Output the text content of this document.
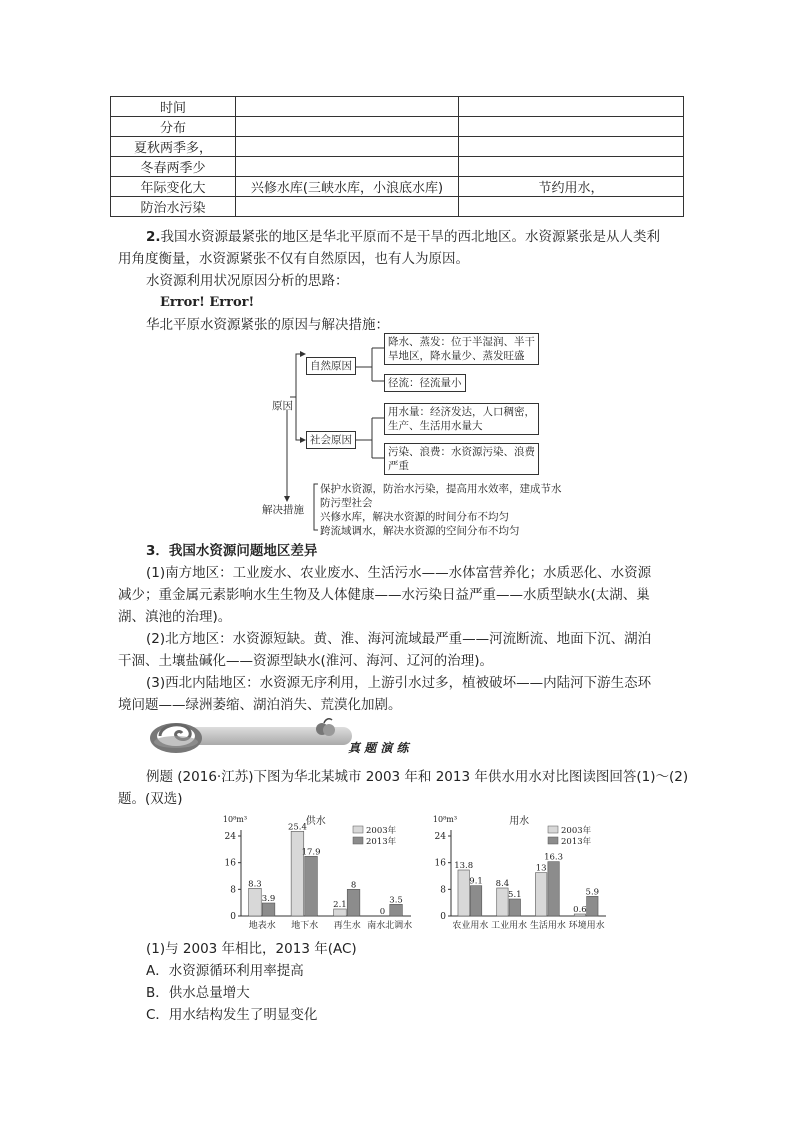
时间		
分布		
夏秋两季多，		
冬春两季少		
年际变化大	兴修水库(三峡水库，小浪底水库)	节约用水，
防治水污染		
2.我国水资源最紧张的地区是华北平原而不是干旱的西北地区。水资源紧张是从人类利
用角度衡量，水资源紧张不仅有自然原因，也有人为原因。
水资源利用状况原因分析的思路：
Error! Error!
华北平原水资源紧张的原因与解决措施：
原因
自然原因
降水、蒸发：位于半湿润、半干
旱地区，降水量少、蒸发旺盛
径流：径流量小
社会原因
用水量：经济发达，人口稠密，
生产、生活用水量大
污染、浪费：水资源污染、浪费
严重
解决措施
保护水资源，防治水污染，提高用水效率，建成节水
防污型社会
兴修水库，解决水资源的时间分布不均匀
跨流域调水，解决水资源的空间分布不均匀
3．我国水资源问题地区差异
(1)南方地区：工业废水、农业废水、生活污水——水体富营养化；水质恶化、水资源
减少；重金属元素影响水生生物及人体健康——水污染日益严重——水质型缺水(太湖、巢
湖、滇池的治理)。
(2)北方地区：水资源短缺。黄、淮、海河流域最严重——河流断流、地面下沉、湖泊
干涸、土壤盐碱化——资源型缺水(淮河、海河、辽河的治理)。
(3)西北内陆地区：水资源无序利用，上游引水过多，植被破坏——内陆河下游生态环
境问题——绿洲萎缩、湖泊消失、荒漠化加剧。
真 题 演 练
例题 (2016·江苏)下图为华北某城市 2003 年和 2013 年供水用水对比图读图回答(1)～(2)
题。(双选)
0
8
16
24
10⁸m³	供水
2003年
2013年
8.3
3.9
地表水
25.4
17.9
地下水
2.1
8
再生水
0
3.5
南水北调水
0
8
16
24
10⁸m³	用水
2003年
2013年
13.8
9.1
农业用水
8.4
5.1
工业用水
13
16.3
生活用水
0.6
5.9
环境用水
(1)与 2003 年相比，2013 年(AC)
A．水资源循环利用率提高
B．供水总量增大
C．用水结构发生了明显变化
